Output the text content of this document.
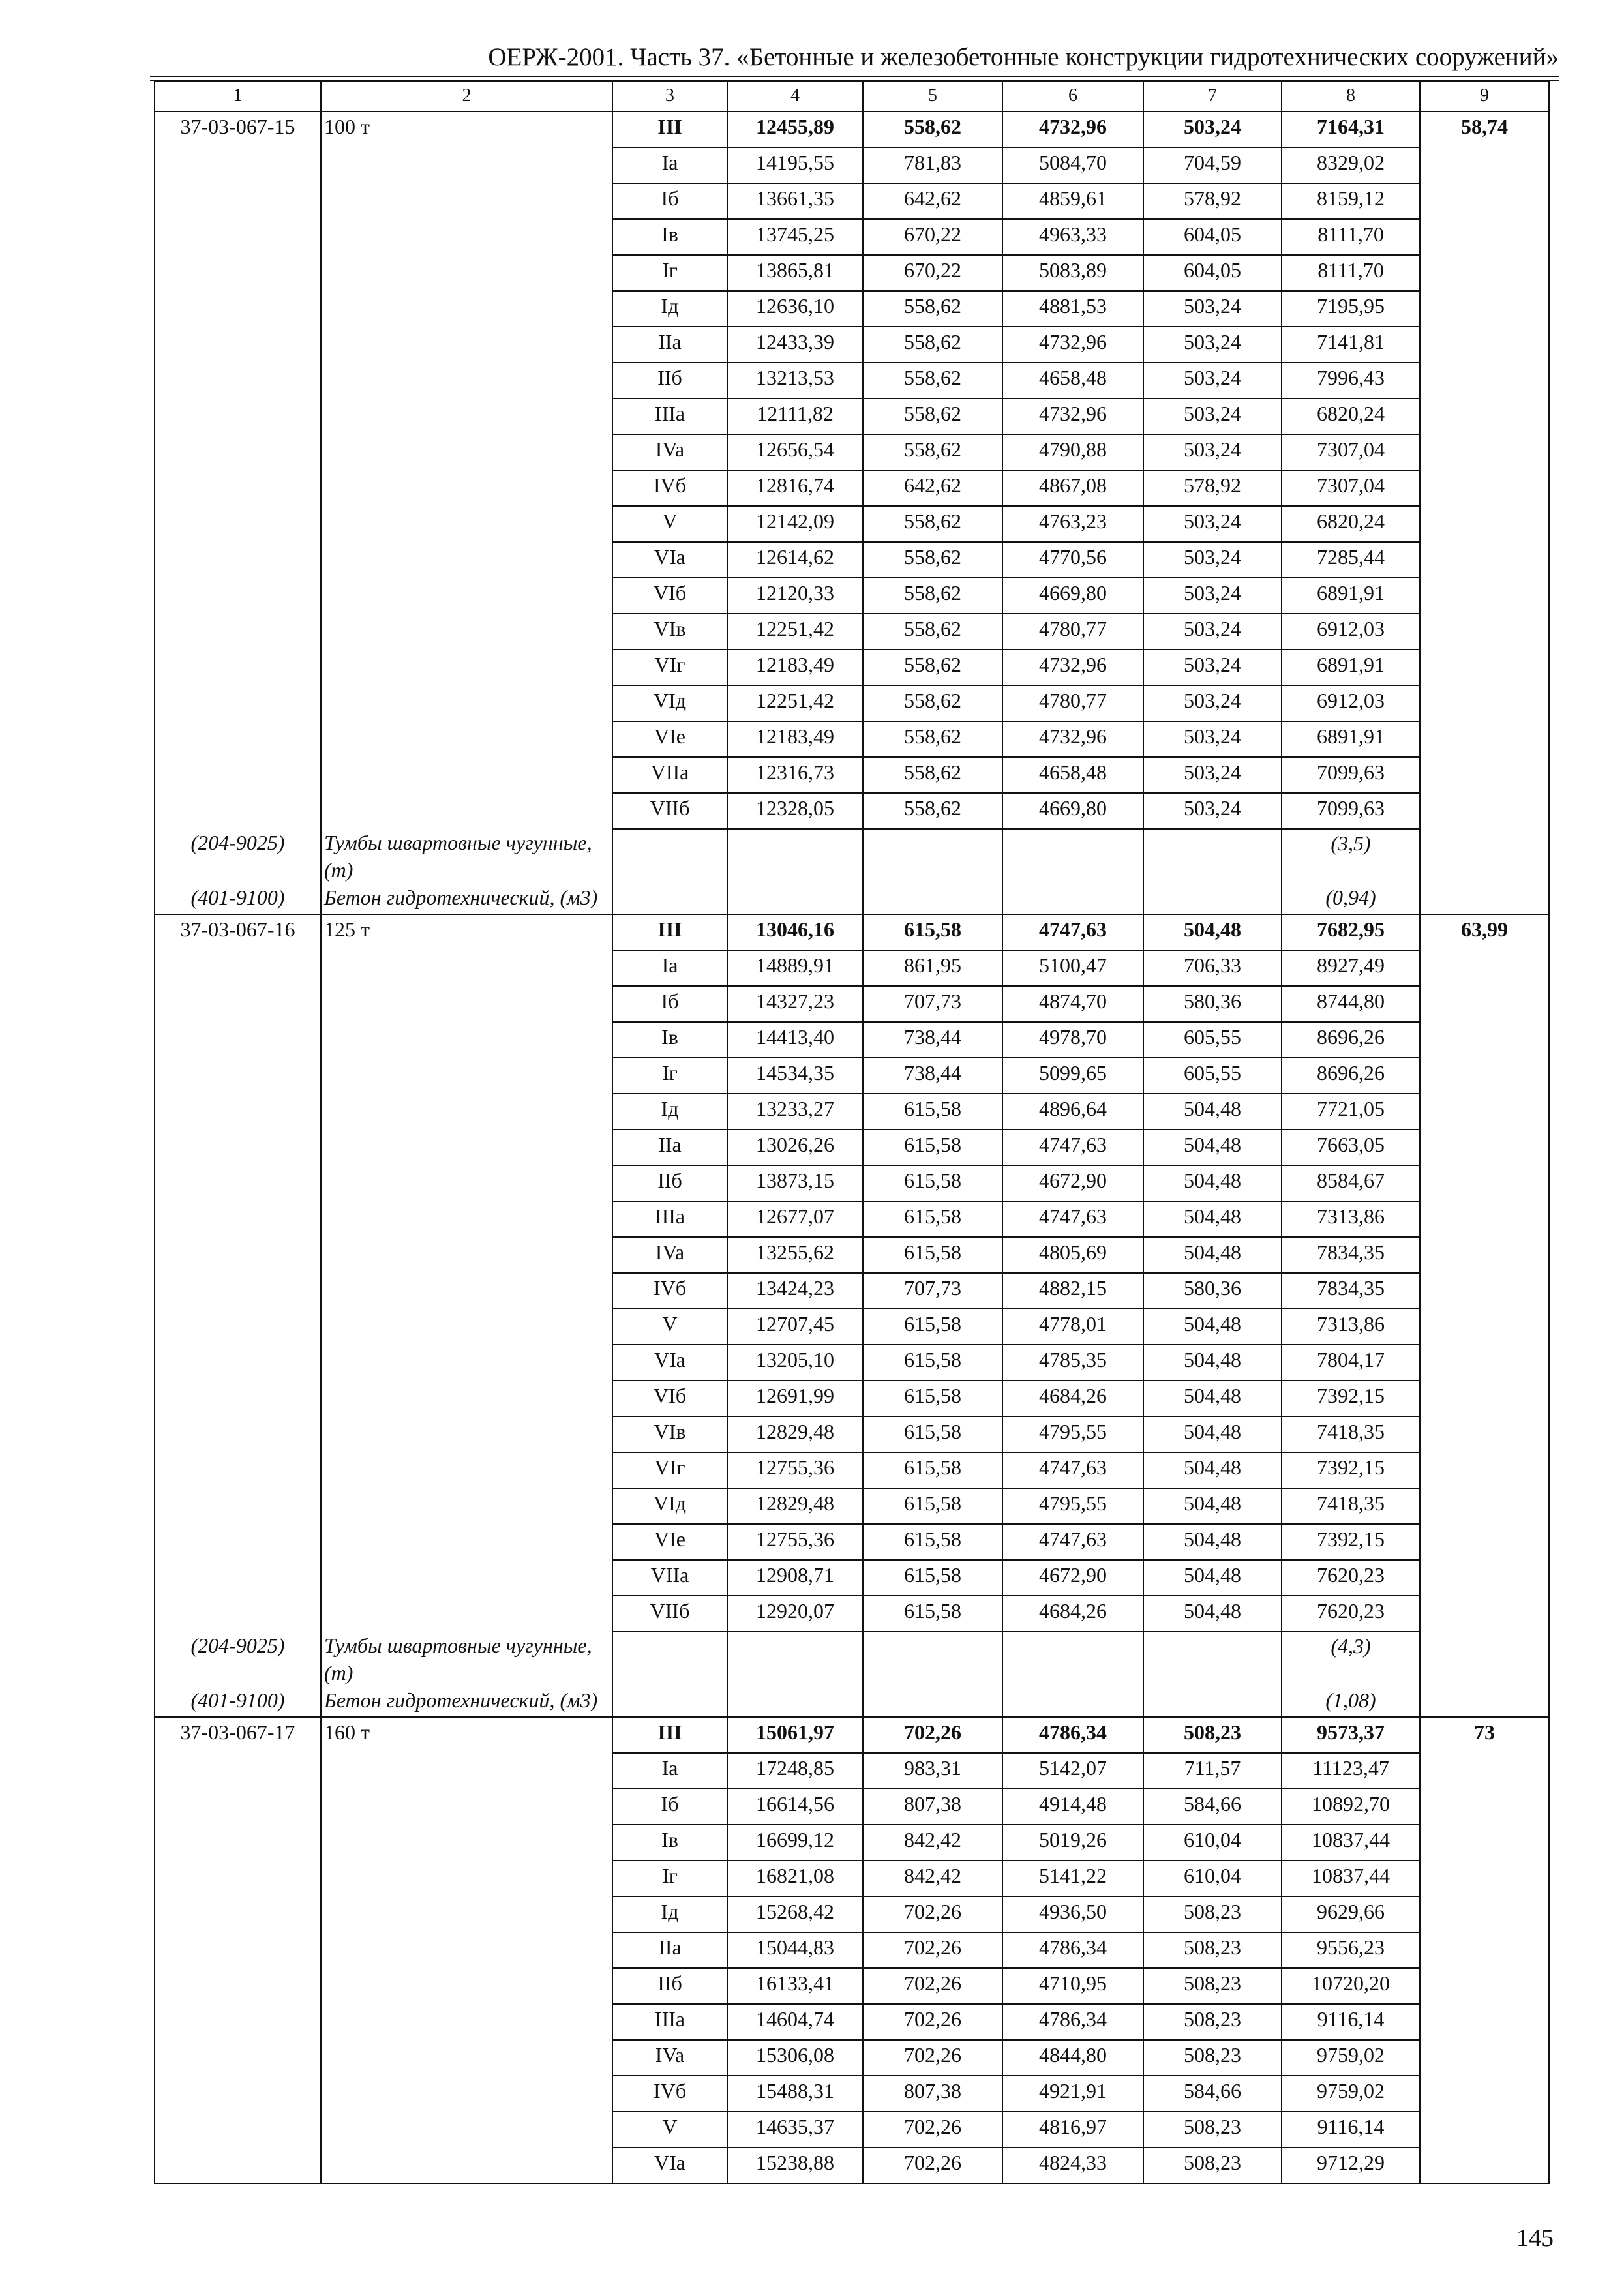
ОЕРЖ-2001. Часть 37. «Бетонные и железобетонные конструкции гидротехнических сооружений»
1	2	3	4	5	6	7	8	9
37-03-067-15	100 т	III	12455,89	558,62	4732,96	503,24	7164,31	58,74
		Ia	14195,55	781,83	5084,70	704,59	8329,02	
		Iб	13661,35	642,62	4859,61	578,92	8159,12	
		Iв	13745,25	670,22	4963,33	604,05	8111,70	
		Iг	13865,81	670,22	5083,89	604,05	8111,70	
		Iд	12636,10	558,62	4881,53	503,24	7195,95	
		IIa	12433,39	558,62	4732,96	503,24	7141,81	
		IIб	13213,53	558,62	4658,48	503,24	7996,43	
		IIIa	12111,82	558,62	4732,96	503,24	6820,24	
		IVa	12656,54	558,62	4790,88	503,24	7307,04	
		IVб	12816,74	642,62	4867,08	578,92	7307,04	
		V	12142,09	558,62	4763,23	503,24	6820,24	
		VIa	12614,62	558,62	4770,56	503,24	7285,44	
		VIб	12120,33	558,62	4669,80	503,24	6891,91	
		VIв	12251,42	558,62	4780,77	503,24	6912,03	
		VIг	12183,49	558,62	4732,96	503,24	6891,91	
		VIд	12251,42	558,62	4780,77	503,24	6912,03	
		VIe	12183,49	558,62	4732,96	503,24	6891,91	
		VIIa	12316,73	558,62	4658,48	503,24	7099,63	
		VIIб	12328,05	558,62	4669,80	503,24	7099,63	
(204-9025)	Тумбы швартовные чугунные, (т)						(3,5)	
(401-9100)	Бетон гидротехнический, (м3)						(0,94)	
37-03-067-16	125 т	III	13046,16	615,58	4747,63	504,48	7682,95	63,99
		Ia	14889,91	861,95	5100,47	706,33	8927,49	
		Iб	14327,23	707,73	4874,70	580,36	8744,80	
		Iв	14413,40	738,44	4978,70	605,55	8696,26	
		Iг	14534,35	738,44	5099,65	605,55	8696,26	
		Iд	13233,27	615,58	4896,64	504,48	7721,05	
		IIa	13026,26	615,58	4747,63	504,48	7663,05	
		IIб	13873,15	615,58	4672,90	504,48	8584,67	
		IIIa	12677,07	615,58	4747,63	504,48	7313,86	
		IVa	13255,62	615,58	4805,69	504,48	7834,35	
		IVб	13424,23	707,73	4882,15	580,36	7834,35	
		V	12707,45	615,58	4778,01	504,48	7313,86	
		VIa	13205,10	615,58	4785,35	504,48	7804,17	
		VIб	12691,99	615,58	4684,26	504,48	7392,15	
		VIв	12829,48	615,58	4795,55	504,48	7418,35	
		VIг	12755,36	615,58	4747,63	504,48	7392,15	
		VIд	12829,48	615,58	4795,55	504,48	7418,35	
		VIe	12755,36	615,58	4747,63	504,48	7392,15	
		VIIa	12908,71	615,58	4672,90	504,48	7620,23	
		VIIб	12920,07	615,58	4684,26	504,48	7620,23	
(204-9025)	Тумбы швартовные чугунные, (т)						(4,3)	
(401-9100)	Бетон гидротехнический, (м3)						(1,08)	
37-03-067-17	160 т	III	15061,97	702,26	4786,34	508,23	9573,37	73
		Ia	17248,85	983,31	5142,07	711,57	11123,47	
		Iб	16614,56	807,38	4914,48	584,66	10892,70	
		Iв	16699,12	842,42	5019,26	610,04	10837,44	
		Iг	16821,08	842,42	5141,22	610,04	10837,44	
		Iд	15268,42	702,26	4936,50	508,23	9629,66	
		IIa	15044,83	702,26	4786,34	508,23	9556,23	
		IIб	16133,41	702,26	4710,95	508,23	10720,20	
		IIIa	14604,74	702,26	4786,34	508,23	9116,14	
		IVa	15306,08	702,26	4844,80	508,23	9759,02	
		IVб	15488,31	807,38	4921,91	584,66	9759,02	
		V	14635,37	702,26	4816,97	508,23	9116,14	
		VIa	15238,88	702,26	4824,33	508,23	9712,29	
145
